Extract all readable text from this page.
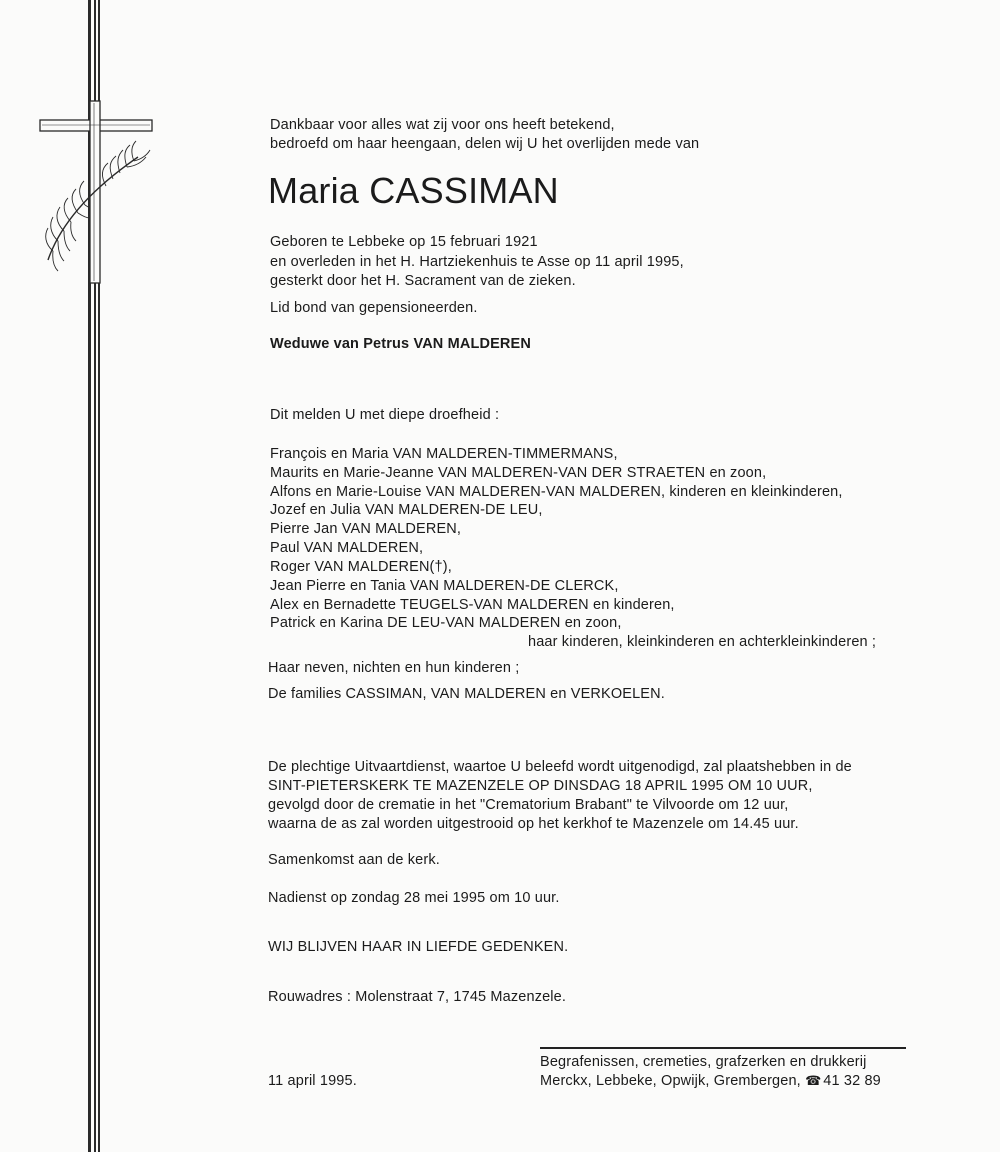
Dankbaar voor alles wat zij voor ons heeft betekend,
bedroefd om haar heengaan, delen wij U het overlijden mede van
Maria CASSIMAN
Geboren te Lebbeke op 15 februari 1921
en overleden in het H. Hartziekenhuis te Asse op 11 april 1995,
gesterkt door het H. Sacrament van de zieken.
Lid bond van gepensioneerden.
Weduwe van Petrus VAN MALDEREN
Dit melden U met diepe droefheid :
François en Maria VAN MALDEREN-TIMMERMANS,
Maurits en Marie-Jeanne VAN MALDEREN-VAN DER STRAETEN en zoon,
Alfons en Marie-Louise VAN MALDEREN-VAN MALDEREN, kinderen en kleinkinderen,
Jozef en Julia VAN MALDEREN-DE LEU,
Pierre Jan VAN MALDEREN,
Paul VAN MALDEREN,
Roger VAN MALDEREN(†),
Jean Pierre en Tania VAN MALDEREN-DE CLERCK,
Alex en Bernadette TEUGELS-VAN MALDEREN en kinderen,
Patrick en Karina DE LEU-VAN MALDEREN en zoon,
haar kinderen, kleinkinderen en achterkleinkinderen ;
Haar neven, nichten en hun kinderen ;
De families CASSIMAN, VAN MALDEREN en VERKOELEN.
De plechtige Uitvaartdienst, waartoe U beleefd wordt uitgenodigd, zal plaatshebben in de
SINT-PIETERSKERK TE MAZENZELE OP DINSDAG 18 APRIL 1995 OM 10 UUR,
gevolgd door de crematie in het "Crematorium Brabant" te Vilvoorde om 12 uur,
waarna de as zal worden uitgestrooid op het kerkhof te Mazenzele om 14.45 uur.
Samenkomst aan de kerk.
Nadienst op zondag 28 mei 1995 om 10 uur.
WIJ BLIJVEN HAAR IN LIEFDE GEDENKEN.
Rouwadres : Molenstraat 7, 1745 Mazenzele.
Begrafenissen, cremeties, grafzerken en drukkerij
Merckx, Lebbeke, Opwijk, Grembergen, ☎ 41 32 89
11 april 1995.
